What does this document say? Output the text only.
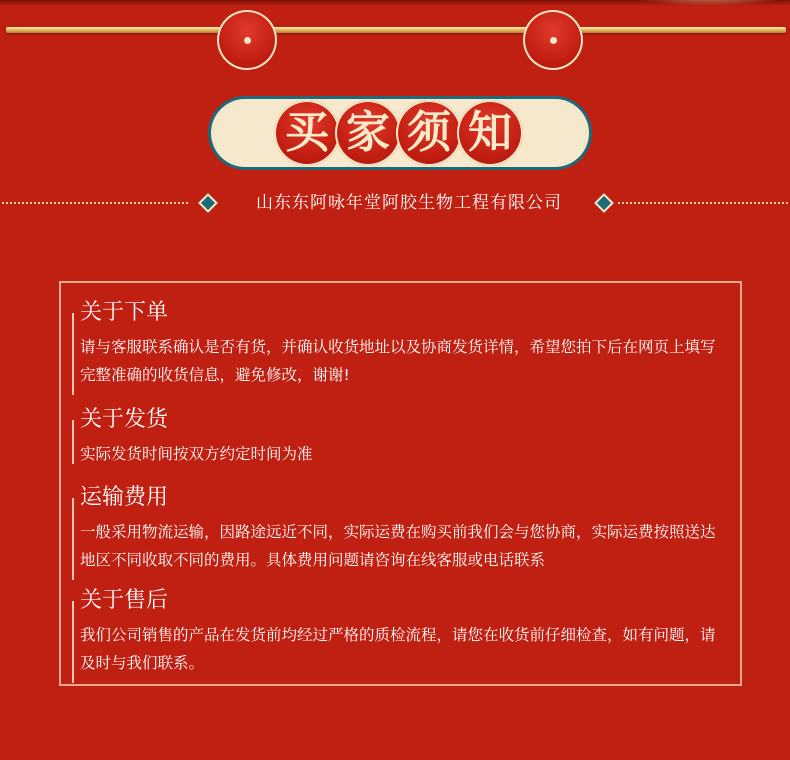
买 家 须 知
山东东阿咏年堂阿胶生物工程有限公司
关于下单
请与客服联系确认是否有货，并确认收货地址以及协商发货详情，希望您拍下后在网页上填写完整准确的收货信息，避免修改，谢谢!
关于发货
实际发货时间按双方约定时间为准
运输费用
一般采用物流运输，因路途远近不同，实际运费在购买前我们会与您协商，实际运费按照送达地区不同收取不同的费用。具体费用问题请咨询在线客服或电话联系
关于售后
我们公司销售的产品在发货前均经过严格的质检流程，请您在收货前仔细检查，如有问题，请及时与我们联系。
